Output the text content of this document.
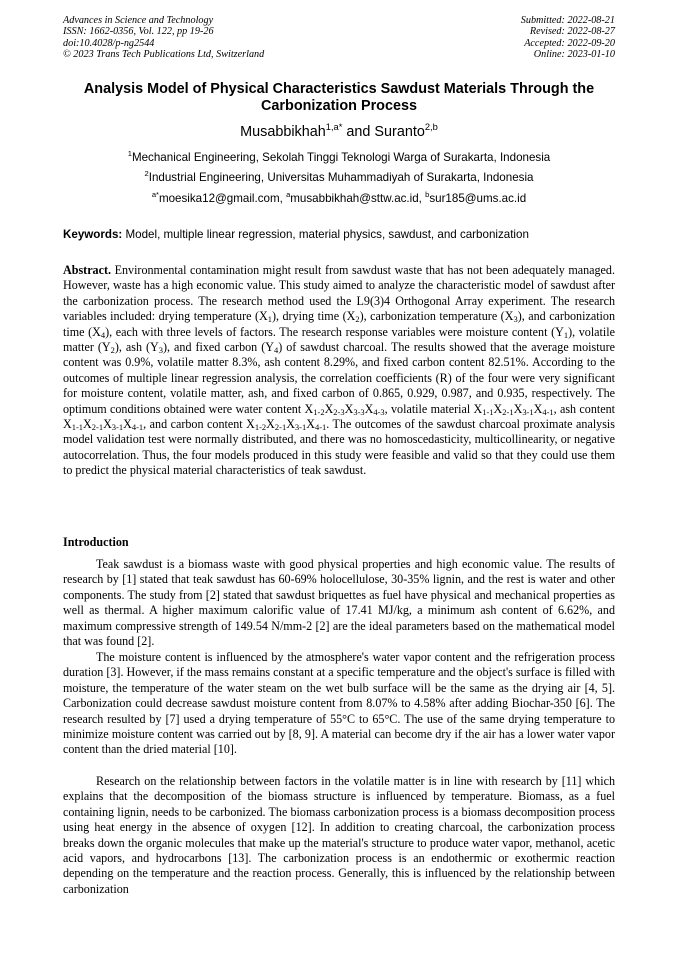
Advances in Science and Technology
ISSN: 1662-0356, Vol. 122, pp 19-26
doi:10.4028/p-ng2544
© 2023 Trans Tech Publications Ltd, Switzerland
Submitted: 2022-08-21
Revised: 2022-08-27
Accepted: 2022-09-20
Online: 2023-01-10
Analysis Model of Physical Characteristics Sawdust Materials Through the Carbonization Process
Musabbikhah$^{1,a*}$ and Suranto$^{2,b}$
$^1$Mechanical Engineering, Sekolah Tinggi Teknologi Warga of Surakarta, Indonesia
$^2$Industrial Engineering, Universitas Muhammadiyah of Surakarta, Indonesia
$^{a*}$moesika12@gmail.com, $^a$musabbikhah@sttw.ac.id, $^b$sur185@ums.ac.id
Keywords: Model, multiple linear regression, material physics, sawdust, and carbonization
Abstract. Environmental contamination might result from sawdust waste that has not been adequately managed. However, waste has a high economic value. This study aimed to analyze the characteristic model of sawdust after the carbonization process. The research method used the L9(3)4 Orthogonal Array experiment. The research variables included: drying temperature $(X_1)$, drying time $(X_2)$, carbonization temperature $(X_3)$, and carbonization time $(X_4)$, each with three levels of factors. The research response variables were moisture content $(Y_1)$, volatile matter $(Y_2)$, ash $(Y_3)$, and fixed carbon $(Y_4)$ of sawdust charcoal. The results showed that the average moisture content was 0.9%, volatile matter 8.3%, ash content 8.29%, and fixed carbon content 82.51%. According to the outcomes of multiple linear regression analysis, the correlation coefficients (R) of the four were very significant for moisture content, volatile matter, ash, and fixed carbon of 0.865, 0.929, 0.987, and 0.935, respectively. The optimum conditions obtained were water content $X_{1-2}X_{2-3}X_{3-3}X_{4-3}$, volatile material $X_{1-1}X_{2-1}X_{3-1}X_{4-1}$, ash content $X_{1-1}X_{2-1}X_{3-1}X_{4-1}$, and carbon content $X_{1-2}X_{2-1}X_{3-1}X_{4-1}$. The outcomes of the sawdust charcoal proximate analysis model validation test were normally distributed, and there was no homoscedasticity, multicollinearity, or negative autocorrelation. Thus, the four models produced in this study were feasible and valid so that they could use them to predict the physical material characteristics of teak sawdust.
Introduction
Teak sawdust is a biomass waste with good physical properties and high economic value. The results of research by [1] stated that teak sawdust has 60-69% holocellulose, 30-35% lignin, and the rest is water and other components. The study from [2] stated that sawdust briquettes as fuel have physical and mechanical properties as well as thermal. A higher maximum calorific value of 17.41 MJ/kg, a minimum ash content of 6.62%, and maximum compressive strength of 149.54 N/mm-2 [2] are the ideal parameters based on the mathematical model that was found [2].
The moisture content is influenced by the atmosphere's water vapor content and the refrigeration process duration [3]. However, if the mass remains constant at a specific temperature and the object's surface is filled with moisture, the temperature of the water steam on the wet bulb surface will be the same as the drying air [4, 5]. Carbonization could decrease sawdust moisture content from 8.07% to 4.58% after adding Biochar-350 [6]. The research resulted by [7] used a drying temperature of 55°C to 65°C. The use of the same drying temperature to minimize moisture content was carried out by [8, 9]. A material can become dry if the air has a lower water vapor content than the dried material [10].
Research on the relationship between factors in the volatile matter is in line with research by [11] which explains that the decomposition of the biomass structure is influenced by temperature. Biomass, as a fuel containing lignin, needs to be carbonized. The biomass carbonization process is a biomass decomposition process using heat energy in the absence of oxygen [12]. In addition to creating charcoal, the carbonization process breaks down the organic molecules that make up the material's structure to produce water vapor, methanol, acetic acid vapors, and hydrocarbons [13]. The carbonization process is an endothermic or exothermic reaction depending on the temperature and the reaction process. Generally, this is influenced by the relationship between carbonization
